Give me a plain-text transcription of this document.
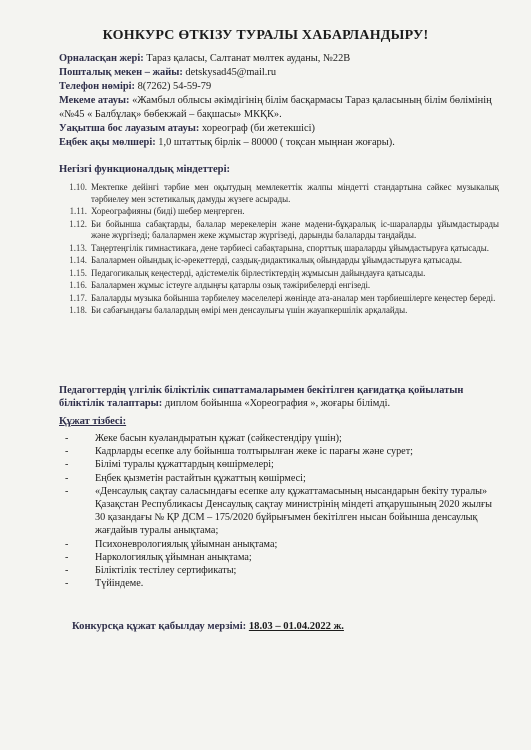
КОНКУРС ӨТКІЗУ ТУРАЛЫ ХАБАРЛАНДЫРУ!
Орналасқан жері: Тараз қаласы, Салтанат мөлтек ауданы, №22В
Пошталық мекен – жайы: detskysad45@mail.ru
Телефон нөмірі: 8(7262) 54-59-79
Мекеме атауы: «Жамбыл облысы әкімдігінің білім басқармасы Тараз қаласының білім бөлімінің «№45 « Балбұлақ» бөбекжай – бақшасы» МКҚК».
Уақытша бос лауазым атауы: хореограф (би жетекшісі)
Еңбек ақы мөлшері: 1,0 штаттық бірлік – 80000 ( тоқсан мыңнан жоғары).
Негізгі функционалдық міндеттері:
1.10. Мектепке дейінгі тәрбие мен оқытудың мемлекеттік жалпы міндетті стандартына сәйкес музыкалық тәрбиелеу мен эстетикалық дамуды жүзеге асырады.
1.11. Хореографияны (биді) шебер меңгерген.
1.12. Би бойынша сабақтарды, балалар мерекелерін және мәдени-бұқаралық іс-шараларды ұйымдастырады және жүргізеді; балалармен жеке жұмыстар жүргізеді, дарынды балаларды таңдайды.
1.13. Таңертеңгілік гимнастикаға, дене тәрбиесі сабақтарына, спорттық шараларды ұйымдастыруға қатысады.
1.14. Балалармен ойындық іс-әрекеттерді, саздық-дидактикалық ойындарды ұйымдастыруға қатысады.
1.15. Педагогикалық кеңестерді, әдістемелік бірлестіктердің жұмысын дайындауға қатысады.
1.16. Балалармен жұмыс істеуге алдыңғы қатарлы озық тәжірибелерді енгізеді.
1.17. Балаларды музыка бойынша тәрбиелеу мәселелері жөнінде ата-аналар мен тәрбиешілерге кеңестер береді.
1.18. Би сабағындағы балалардың өмірі мен денсаулығы үшін жауапкершілік арқалайды.
Педагогтердің үлгілік біліктілік сипаттамаларымен бекітілген қағидатқа қойылатын біліктілік талаптары: диплом бойынша «Хореография », жоғары білімді.
Құжат тізбесі:
-	Жеке басын куәландыратын құжат (сәйкестендіру үшін);
-	Кадрларды есепке алу бойынша толтырылған жеке іс парағы және сурет;
-	Білімі туралы құжаттардың көшірмелері;
-	Еңбек қызметін растайтын құжаттың көшірмесі;
-	«Денсаулық сақтау саласындағы есепке алу құжаттамасының нысандарын бекіту туралы» Қазақстан Республикасы Денсаулық сақтау министрінің міндеті атқарушының 2020 жылғы 30 қазандағы № ҚР ДСМ – 175/2020 бұйрығымен бекітілген нысан бойынша денсаулық жағдайыв туралы анықтама;
-	Психоневрологиялық ұйымнан анықтама;
-	Наркологиялық ұйымнан анықтама;
-	Біліктілік тестілеу сертификаты;
-	Түйіндеме.
Конкурсқа құжат қабылдау мерзімі: 18.03 – 01.04.2022 ж.
